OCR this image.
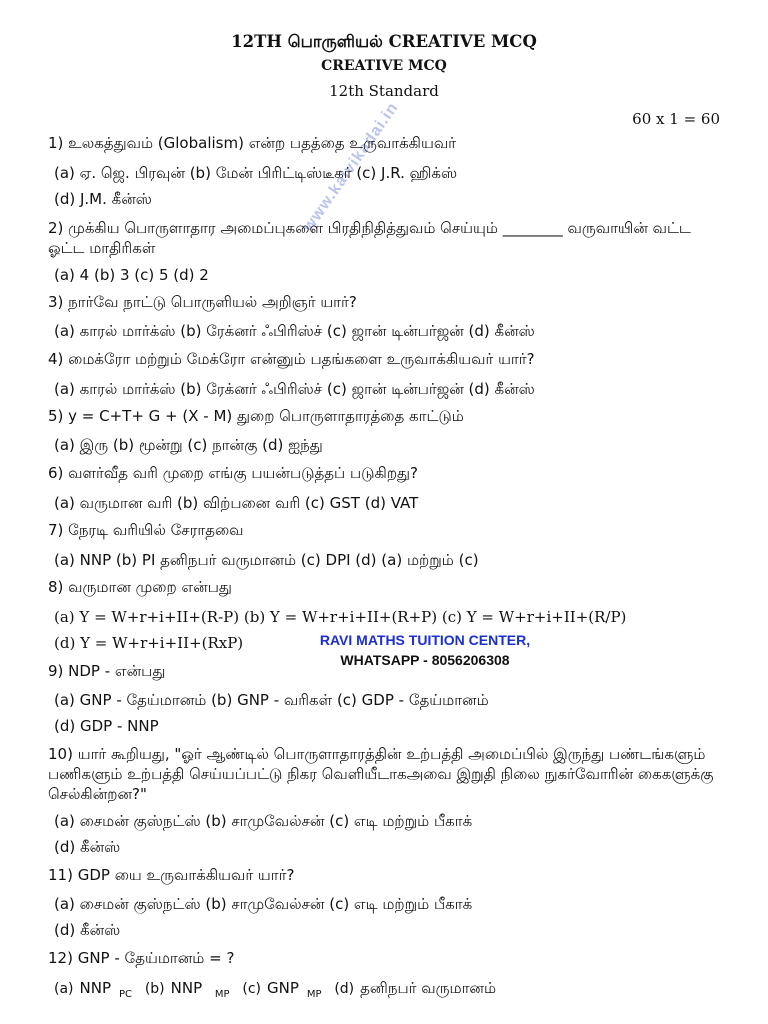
12TH பொருளியல் CREATIVE MCQ
CREATIVE MCQ
12th Standard
60 x 1 = 60
www.kalvikadai.in
1) உலகத்துவம் (Globalism) என்ற பதத்தை உருவாக்கியவர்
(a) ஏ. ஜெ. பிரவுன் (b) மேன் பிரிட்டிஸ்டீகர் (c) J.R. ஹிக்ஸ்
(d) J.M. கீன்ஸ்
2) முக்கிய பொருளாதார அமைப்புகளை பிரதிநிதித்துவம் செய்யும் ________ வருவாயின் வட்ட ஓட்ட மாதிரிகள்
(a) 4 (b) 3 (c) 5 (d) 2
3) நார்வே நாட்டு பொருளியல் அறிஞர் யார்?
(a) காரல் மார்க்ஸ் (b) ரேக்னர் ஃபிரிஸ்ச் (c) ஜான் டின்பர்ஜன் (d) கீன்ஸ்
4) மைக்ரோ மற்றும் மேக்ரோ என்னும் பதங்களை உருவாக்கியவர் யார்?
(a) காரல் மார்க்ஸ் (b) ரேக்னர் ஃபிரிஸ்ச் (c) ஜான் டின்பர்ஜன் (d) கீன்ஸ்
5) y = C+T+ G + (X - M) துறை பொருளாதாரத்தை காட்டும்
(a) இரு (b) மூன்று (c) நான்கு (d) ஐந்து
6) வளர்வீத வரி முறை எங்கு பயன்படுத்தப் படுகிறது?
(a) வருமான வரி (b) விற்பனை வரி (c) GST (d) VAT
7) நேரடி வரியில் சேராதவை
(a) NNP (b) PI தனிநபர் வருமானம் (c) DPI (d) (a) மற்றும் (c)
8) வருமான முறை என்பது
(a) Y = W+r+i+II+(R-P) (b) Y = W+r+i+II+(R+P) (c) Y = W+r+i+II+(R/P)
(d) Y = W+r+i+II+(RxP)	RAVI MATHS TUITION CENTER,
WHATSAPP - 8056206308
9) NDP - என்பது
(a) GNP - தேய்மானம் (b) GNP - வரிகள் (c) GDP - தேய்மானம்
(d) GDP - NNP
10) யார் கூறியது, "ஓர் ஆண்டில் பொருளாதாரத்தின் உற்பத்தி அமைப்பில் இருந்து பண்டங்களும் பணிகளும் உற்பத்தி செய்யப்பட்டு நிகர வெளியீடாகஅவை இறுதி நிலை நுகர்வோரின் கைகளுக்கு செல்கின்றன?"
(a) சைமன் குஸ்நட்ஸ் (b) சாமுவேல்சன் (c) எடி மற்றும் பீகாக்
(d) கீன்ஸ்
11) GDP யை உருவாக்கியவர் யார்?
(a) சைமன் குஸ்நட்ஸ் (b) சாமுவேல்சன் (c) எடி மற்றும் பீகாக்
(d) கீன்ஸ்
12) GNP - தேய்மானம் = ?
(a) NNP $_{PC}$ (b) NNP $_{MP}$ (c) GNP $_{MP}$ (d) தனிநபர் வருமானம்
